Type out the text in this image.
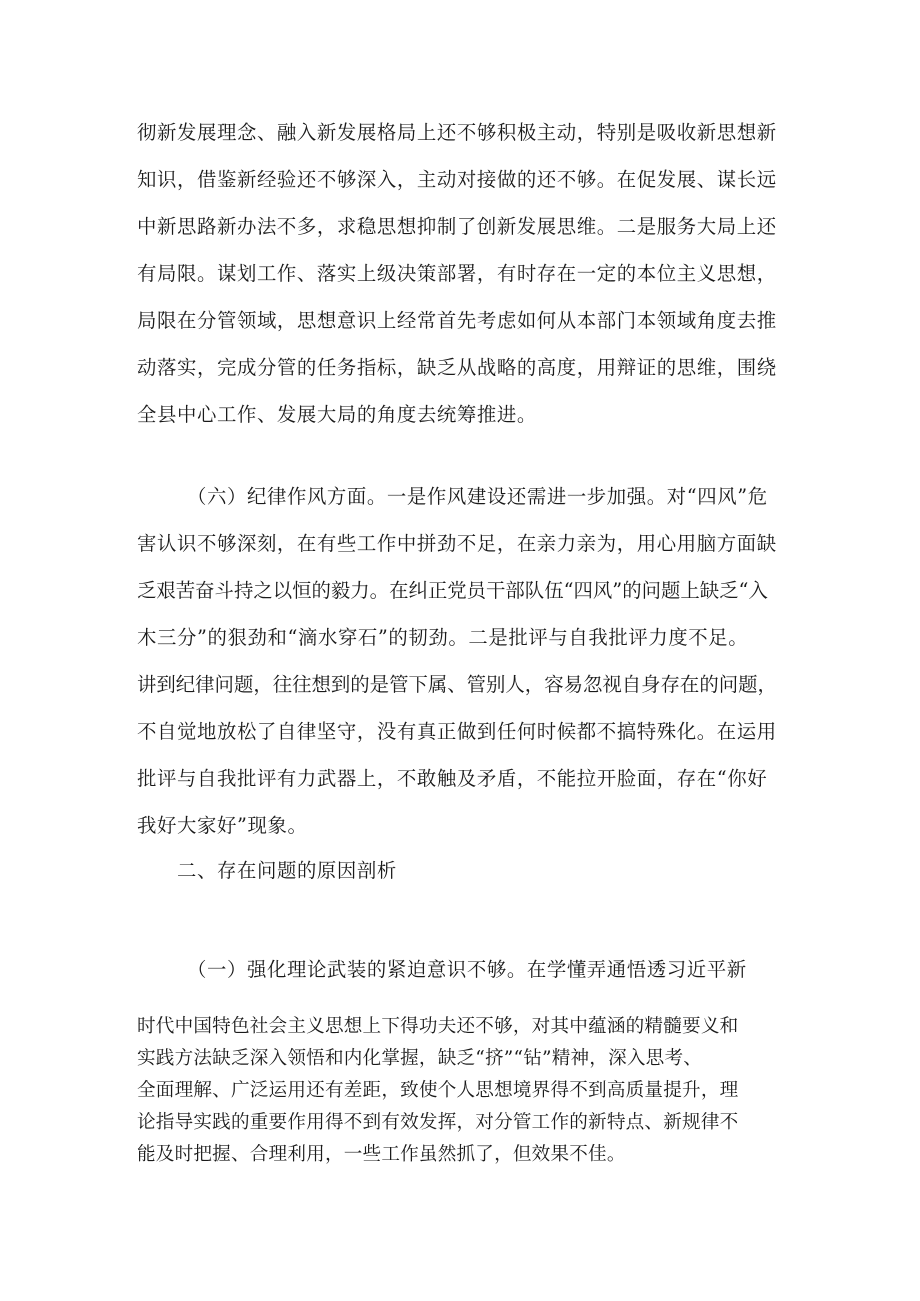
彻新发展理念、融入新发展格局上还不够积极主动，特别是吸收新思想新
知识，借鉴新经验还不够深入，主动对接做的还不够。在促发展、谋长远
中新思路新办法不多，求稳思想抑制了创新发展思维。二是服务大局上还
有局限。谋划工作、落实上级决策部署，有时存在一定的本位主义思想，
局限在分管领域，思想意识上经常首先考虑如何从本部门本领域角度去推
动落实，完成分管的任务指标，缺乏从战略的高度，用辩证的思维，围绕
全县中心工作、发展大局的角度去统筹推进。
（六）纪律作风方面。一是作风建设还需进一步加强。对“四风”危
害认识不够深刻，在有些工作中拼劲不足，在亲力亲为，用心用脑方面缺
乏艰苦奋斗持之以恒的毅力。在纠正党员干部队伍“四风”的问题上缺乏“入
木三分”的狠劲和“滴水穿石”的韧劲。二是批评与自我批评力度不足。
讲到纪律问题，往往想到的是管下属、管别人，容易忽视自身存在的问题，
不自觉地放松了自律坚守，没有真正做到任何时候都不搞特殊化。在运用
批评与自我批评有力武器上，不敢触及矛盾，不能拉开脸面，存在“你好
我好大家好”现象。
二、存在问题的原因剖析
（一）强化理论武装的紧迫意识不够。在学懂弄通悟透习近平新
时代中国特色社会主义思想上下得功夫还不够，对其中蕴涵的精髓要义和
实践方法缺乏深入领悟和内化掌握，缺乏“挤”“钻”精神，深入思考、
全面理解、广泛运用还有差距，致使个人思想境界得不到高质量提升，理
论指导实践的重要作用得不到有效发挥，对分管工作的新特点、新规律不
能及时把握、合理利用，一些工作虽然抓了，但效果不佳。
